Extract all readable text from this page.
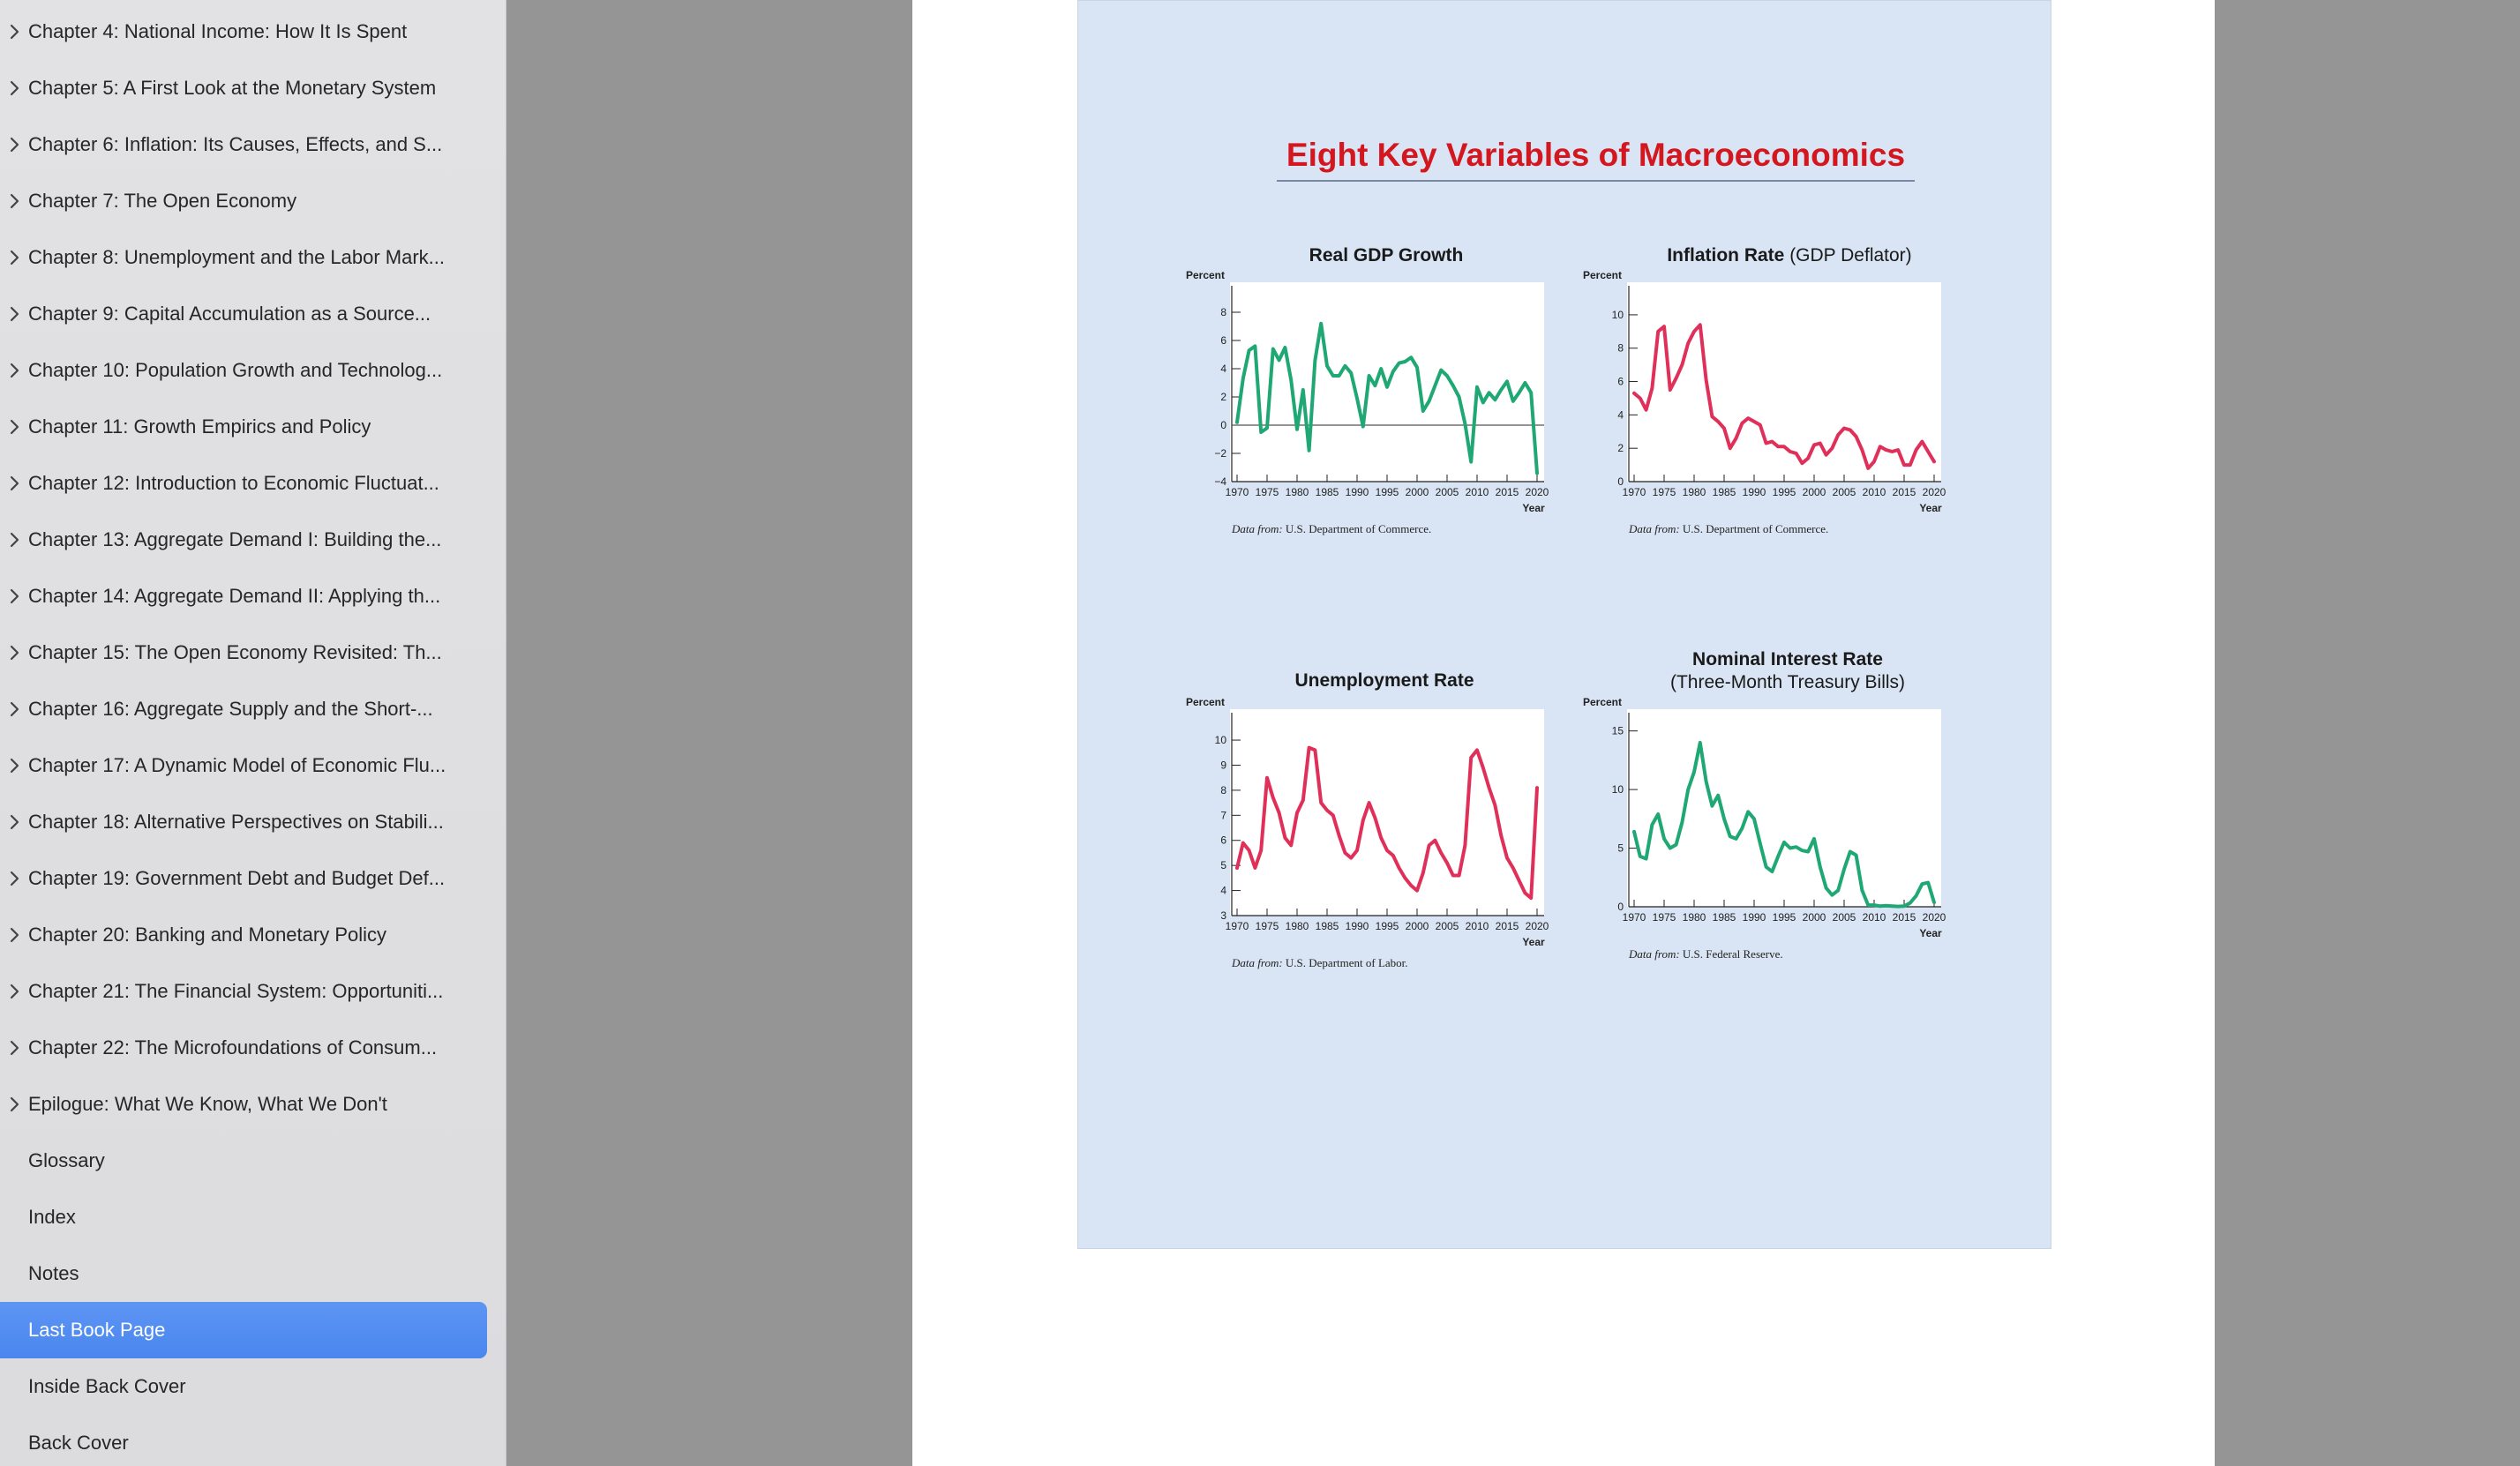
Chapter 4: National Income: How It Is Spent
Chapter 5: A First Look at the Monetary System
Chapter 6: Inflation: Its Causes, Effects, and S...
Chapter 7: The Open Economy
Chapter 8: Unemployment and the Labor Mark...
Chapter 9: Capital Accumulation as a Source...
Chapter 10: Population Growth and Technolog...
Chapter 11: Growth Empirics and Policy
Chapter 12: Introduction to Economic Fluctuat...
Chapter 13: Aggregate Demand I: Building the...
Chapter 14: Aggregate Demand II: Applying th...
Chapter 15: The Open Economy Revisited: Th...
Chapter 16: Aggregate Supply and the Short-...
Chapter 17: A Dynamic Model of Economic Flu...
Chapter 18: Alternative Perspectives on Stabili...
Chapter 19: Government Debt and Budget Def...
Chapter 20: Banking and Monetary Policy
Chapter 21: The Financial System: Opportuniti...
Chapter 22: The Microfoundations of Consum...
Epilogue: What We Know, What We Don't
Glossary
Index
Notes
Last Book Page
Inside Back Cover
Back Cover
Eight Key Variables of Macroeconomics
Real GDP Growth	Inflation Rate (GDP Deflator)
Unemployment Rate
Nominal Interest Rate
(Three-Month Treasury Bills)
−4
−2
0
2
4
6
8
1970 1975 1980 1985 1990 1995 2000 2005 2010 2015 2020
Percent
Year
Data from: U.S. Department of Commerce.
0
2
4
6
8
10
1970 1975 1980 1985 1990 1995 2000 2005 2010 2015 2020
Percent
Year
Data from: U.S. Department of Commerce.
3
4
5
6
7
8
9
10
1970 1975 1980 1985 1990 1995 2000 2005 2010 2015 2020
Percent
Year
Data from: U.S. Department of Labor.
0
5
10
15
1970 1975 1980 1985 1990 1995 2000 2005 2010 2015 2020
Percent
Year
Data from: U.S. Federal Reserve.
